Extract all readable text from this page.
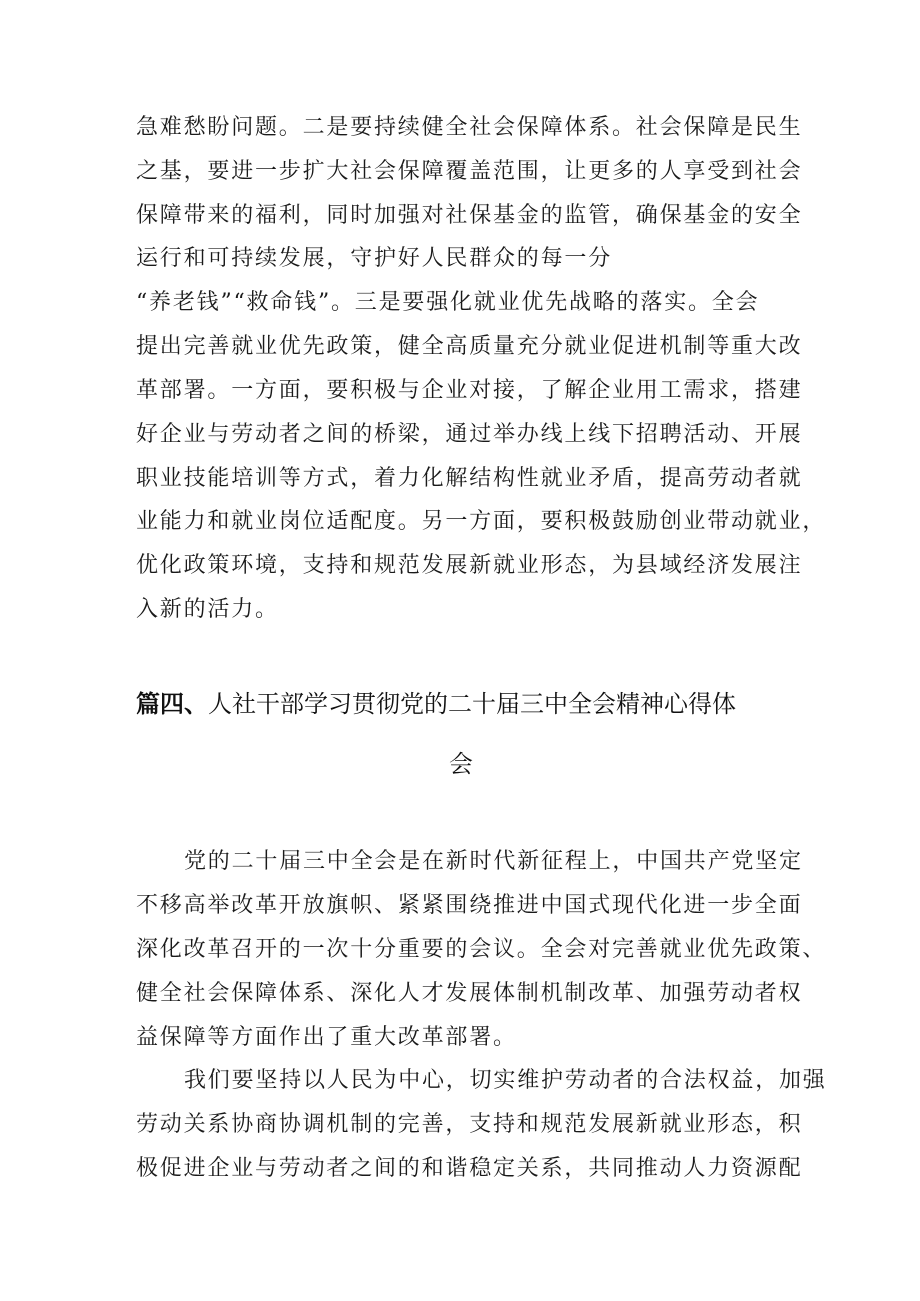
急难愁盼问题。二是要持续健全社会保障体系。社会保障是民生
之基，要进一步扩大社会保障覆盖范围，让更多的人享受到社会
保障带来的福利，同时加强对社保基金的监管，确保基金的安全
运行和可持续发展，守护好人民群众的每一分
“养老钱”“救命钱”。三是要强化就业优先战略的落实。全会
提出完善就业优先政策，健全高质量充分就业促进机制等重大改
革部署。一方面，要积极与企业对接，了解企业用工需求，搭建
好企业与劳动者之间的桥梁，通过举办线上线下招聘活动、开展
职业技能培训等方式，着力化解结构性就业矛盾，提高劳动者就
业能力和就业岗位适配度。另一方面，要积极鼓励创业带动就业，
优化政策环境，支持和规范发展新就业形态，为县域经济发展注
入新的活力。
篇四、人社干部学习贯彻党的二十届三中全会精神心得体
会
党的二十届三中全会是在新时代新征程上，中国共产党坚定
不移高举改革开放旗帜、紧紧围绕推进中国式现代化进一步全面
深化改革召开的一次十分重要的会议。全会对完善就业优先政策、
健全社会保障体系、深化人才发展体制机制改革、加强劳动者权
益保障等方面作出了重大改革部署。
我们要坚持以人民为中心，切实维护劳动者的合法权益，加强
劳动关系协商协调机制的完善，支持和规范发展新就业形态，积
极促进企业与劳动者之间的和谐稳定关系，共同推动人力资源配
